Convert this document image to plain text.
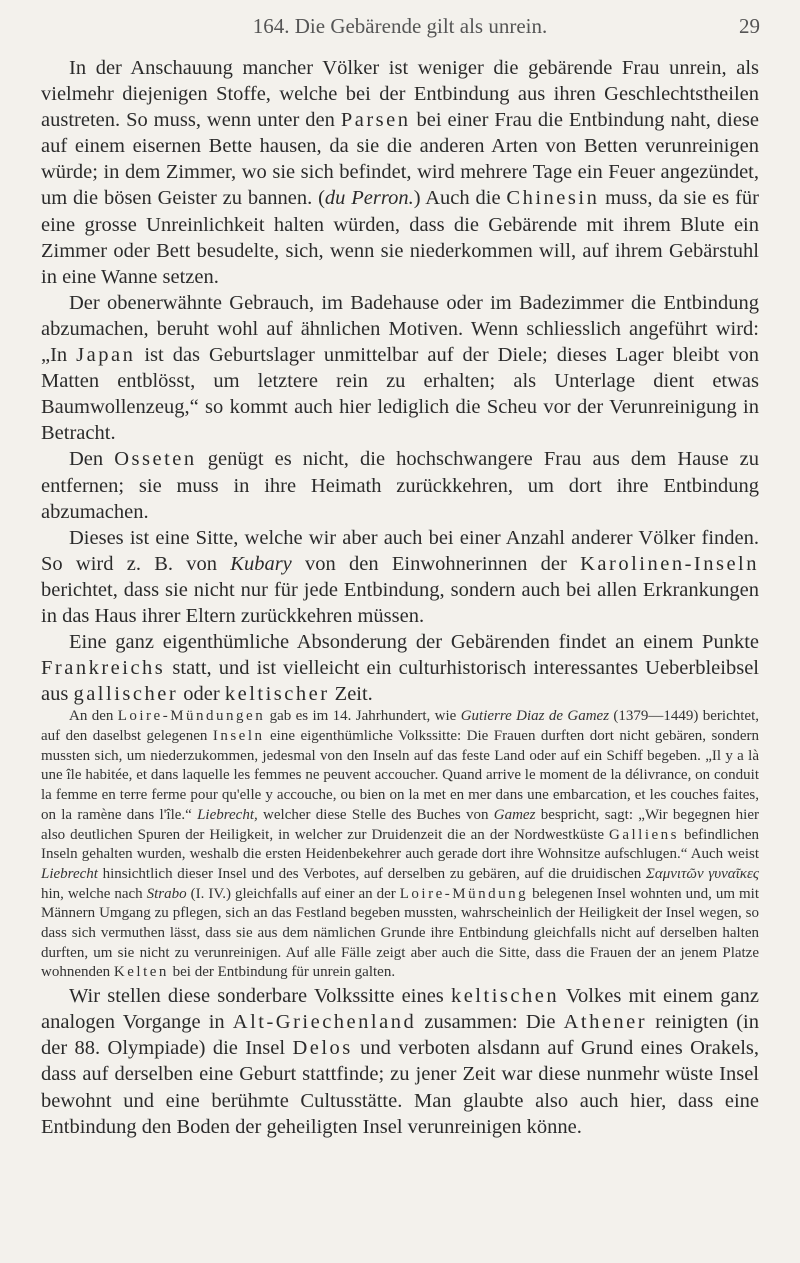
164. Die Gebärende gilt als unrein.	29

In der Anschauung mancher Völker ist weniger die gebärende Frau unrein, als vielmehr diejenigen Stoffe, welche bei der Entbindung aus ihren Geschlechtstheilen austreten. So muss, wenn unter den Parsen bei einer Frau die Entbindung naht, diese auf einem eisernen Bette hausen, da sie die anderen Arten von Betten verunreinigen würde; in dem Zimmer, wo sie sich befindet, wird mehrere Tage ein Feuer angezündet, um die bösen Geister zu bannen. (du Perron.) Auch die Chinesin muss, da sie es für eine grosse Unreinlichkeit halten würden, dass die Gebärende mit ihrem Blute ein Zimmer oder Bett besudelte, sich, wenn sie niederkommen will, auf ihrem Gebärstuhl in eine Wanne setzen.

Der obenerwähnte Gebrauch, im Badehause oder im Badezimmer die Entbindung abzumachen, beruht wohl auf ähnlichen Motiven. Wenn schliesslich angeführt wird: „In Japan ist das Geburtslager unmittelbar auf der Diele; dieses Lager bleibt von Matten entblösst, um letztere rein zu erhalten; als Unterlage dient etwas Baumwollenzeug,“ so kommt auch hier lediglich die Scheu vor der Verunreinigung in Betracht.

Den Osseten genügt es nicht, die hochschwangere Frau aus dem Hause zu entfernen; sie muss in ihre Heimath zurückkehren, um dort ihre Entbindung abzumachen.

Dieses ist eine Sitte, welche wir aber auch bei einer Anzahl anderer Völker finden. So wird z. B. von Kubary von den Einwohnerinnen der Karolinen-Inseln berichtet, dass sie nicht nur für jede Entbindung, sondern auch bei allen Erkrankungen in das Haus ihrer Eltern zurückkehren müssen.

Eine ganz eigenthümliche Absonderung der Gebärenden findet an einem Punkte Frankreichs statt, und ist vielleicht ein culturhistorisch interessantes Ueberbleibsel aus gallischer oder keltischer Zeit.

An den Loire-Mündungen gab es im 14. Jahrhundert, wie Gutierre Diaz de Gamez (1379—1449) berichtet, auf den daselbst gelegenen Inseln eine eigenthümliche Volkssitte: Die Frauen durften dort nicht gebären, sondern mussten sich, um niederzukommen, jedesmal von den Inseln auf das feste Land oder auf ein Schiff begeben. „Il y a là une île habitée, et dans laquelle les femmes ne peuvent accoucher. Quand arrive le moment de la délivrance, on conduit la femme en terre ferme pour qu'elle y accouche, ou bien on la met en mer dans une embarcation, et les couches faites, on la ramène dans l'île.“ Liebrecht, welcher diese Stelle des Buches von Gamez bespricht, sagt: „Wir begegnen hier also deutlichen Spuren der Heiligkeit, in welcher zur Druidenzeit die an der Nordwestküste Galliens befindlichen Inseln gehalten wurden, weshalb die ersten Heidenbekehrer auch gerade dort ihre Wohnsitze aufschlugen.“ Auch weist Liebrecht hinsichtlich dieser Insel und des Verbotes, auf derselben zu gebären, auf die druidischen Σαμνιτῶν γυναῖκες hin, welche nach Strabo (I. IV.) gleichfalls auf einer an der Loire-Mündung belegenen Insel wohnten und, um mit Männern Umgang zu pflegen, sich an das Festland begeben mussten, wahrscheinlich der Heiligkeit der Insel wegen, so dass sich vermuthen lässt, dass sie aus dem nämlichen Grunde ihre Entbindung gleichfalls nicht auf derselben halten durften, um sie nicht zu verunreinigen. Auf alle Fälle zeigt aber auch die Sitte, dass die Frauen der an jenem Platze wohnenden Kelten bei der Entbindung für unrein galten.

Wir stellen diese sonderbare Volkssitte eines keltischen Volkes mit einem ganz analogen Vorgange in Alt-Griechenland zusammen: Die Athener reinigten (in der 88. Olympiade) die Insel Delos und verboten alsdann auf Grund eines Orakels, dass auf derselben eine Geburt stattfinde; zu jener Zeit war diese nunmehr wüste Insel bewohnt und eine berühmte Cultusstätte. Man glaubte also auch hier, dass eine Entbindung den Boden der geheiligten Insel verunreinigen könne.
